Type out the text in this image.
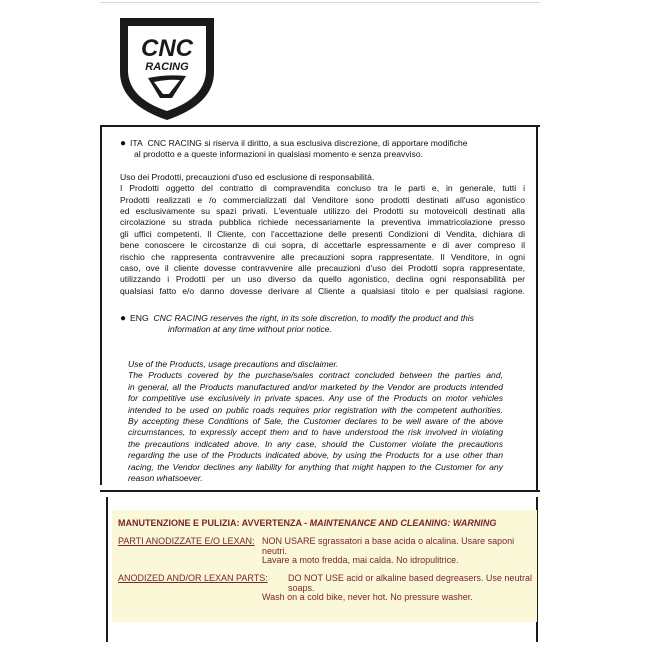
CNC
RACING
● ITA CNC RACING si riserva il diritto, a sua esclusiva discrezione, di apportare modifiche
al prodotto e a queste informazioni in qualsiasi momento e senza preavviso.
Uso dei Prodotti, precauzioni d'uso ed esclusione di responsabilità.
I Prodotti oggetto del contratto di compravendita concluso tra le parti e, in generale, tutti i
Prodotti realizzati e /o commercializzati dal Venditore sono prodotti destinati all'uso agonistico
ed esclusivamente su spazi privati. L'eventuale utilizzo dei Prodotti su motoveicoli destinati alla
circolazione su strada pubblica richiede necessariamente la preventiva immatricolazione presso
gli uffici competenti. Il Cliente, con l'accettazione delle presenti Condizioni di Vendita, dichiara di
bene conoscere le circostanze di cui sopra, di accettarle espressamente e di aver compreso il
rischio che rappresenta contravvenire alle precauzioni sopra rappresentate. Il Venditore, in ogni
caso, ove il cliente dovesse contravvenire alle precauzioni d'uso dei Prodotti sopra rappresentate,
utilizzando i Prodotti per un uso diverso da quello agonistico, declina ogni responsabilità per
qualsiasi fatto e/o danno dovesse derivare al Cliente a qualsiasi titolo e per qualsiasi ragione.
● ENG CNC RACING reserves the right, in its sole discretion, to modify the product and this
information at any time without prior notice.
Use of the Products, usage precautions and disclaimer.
The Products covered by the purchase/sales contract concluded between the parties and,
in general, all the Products manufactured and/or marketed by the Vendor are products intended
for competitive use exclusively in private spaces. Any use of the Products on motor vehicles
intended to be used on public roads requires prior registration with the competent authorities.
By accepting these Conditions of Sale, the Customer declares to be well aware of the above
circumstances, to expressly accept them and to have understood the risk involved in violating
the precautions indicated above. In any case, should the Customer violate the precautions
regarding the use of the Products indicated above, by using the Products for a use other than
racing, the Vendor declines any liability for anything that might happen to the Customer for any
reason whatsoever.
MANUTENZIONE E PULIZIA: AVVERTENZA - MAINTENANCE AND CLEANING: WARNING
PARTI ANODIZZATE E/O LEXAN: NON USARE sgrassatori a base acida o alcalina. Usare saponi neutri.
Lavare a moto fredda, mai calda. No idropulitrice.
ANODIZED AND/OR LEXAN PARTS: DO NOT USE acid or alkaline based degreasers. Use neutral soaps.
Wash on a cold bike, never hot. No pressure washer.
